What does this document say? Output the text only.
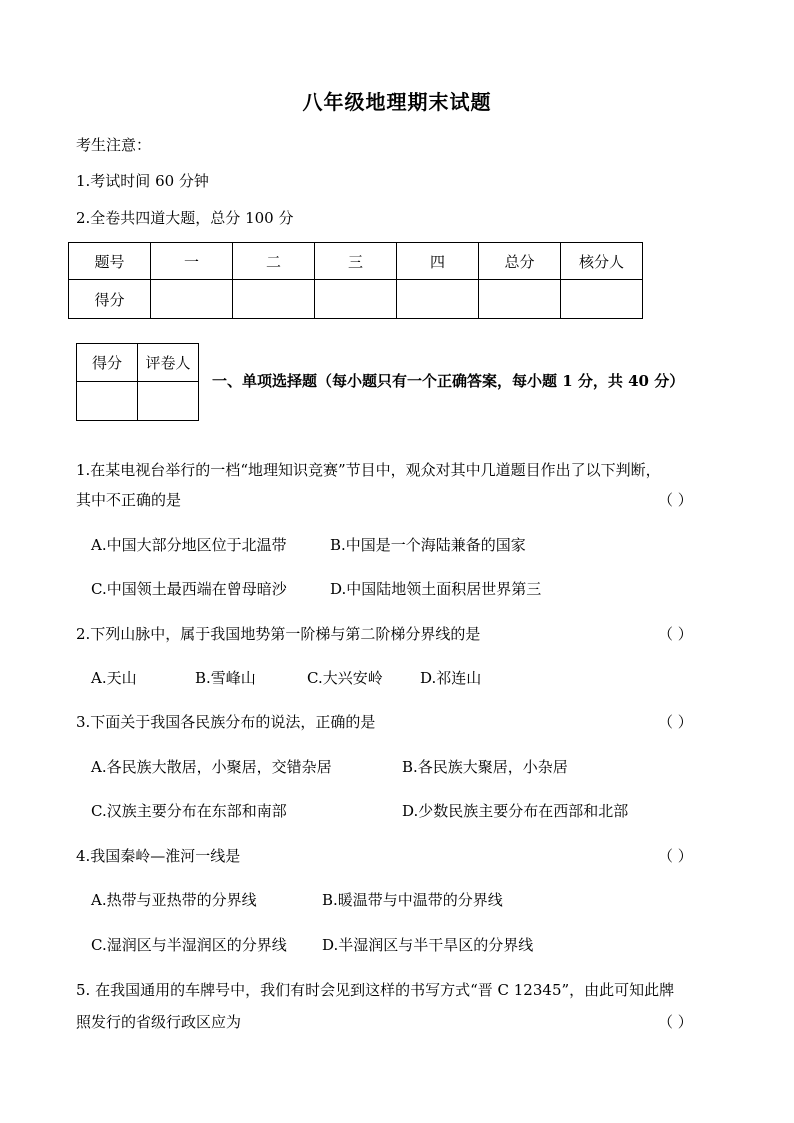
八年级地理期末试题
考生注意：
1.考试时间 60 分钟
2.全卷共四道大题，总分 100 分
题号	一	二	三	四	总分	核分人
得分						
得分	评卷人

一、单项选择题（每小题只有一个正确答案，每小题 1 分，共 40 分）
1.在某电视台举行的一档“地理知识竞赛”节目中，观众对其中几道题目作出了以下判断，
其中不正确的是	（ ）
A.中国大部分地区位于北温带	B.中国是一个海陆兼备的国家
C.中国领土最西端在曾母暗沙	D.中国陆地领土面积居世界第三
2.下列山脉中，属于我国地势第一阶梯与第二阶梯分界线的是	（ ）
A.天山	B.雪峰山	C.大兴安岭 D.祁连山
3.下面关于我国各民族分布的说法，正确的是	（ ）
A.各民族大散居，小聚居，交错杂居	B.各民族大聚居，小杂居
C.汉族主要分布在东部和南部	D.少数民族主要分布在西部和北部
4.我国秦岭—淮河一线是	（ ）
A.热带与亚热带的分界线	B.暖温带与中温带的分界线
C.湿润区与半湿润区的分界线 D.半湿润区与半干旱区的分界线
5. 在我国通用的车牌号中，我们有时会见到这样的书写方式“晋 C 12345”，由此可知此牌
照发行的省级行政区应为	（ ）
